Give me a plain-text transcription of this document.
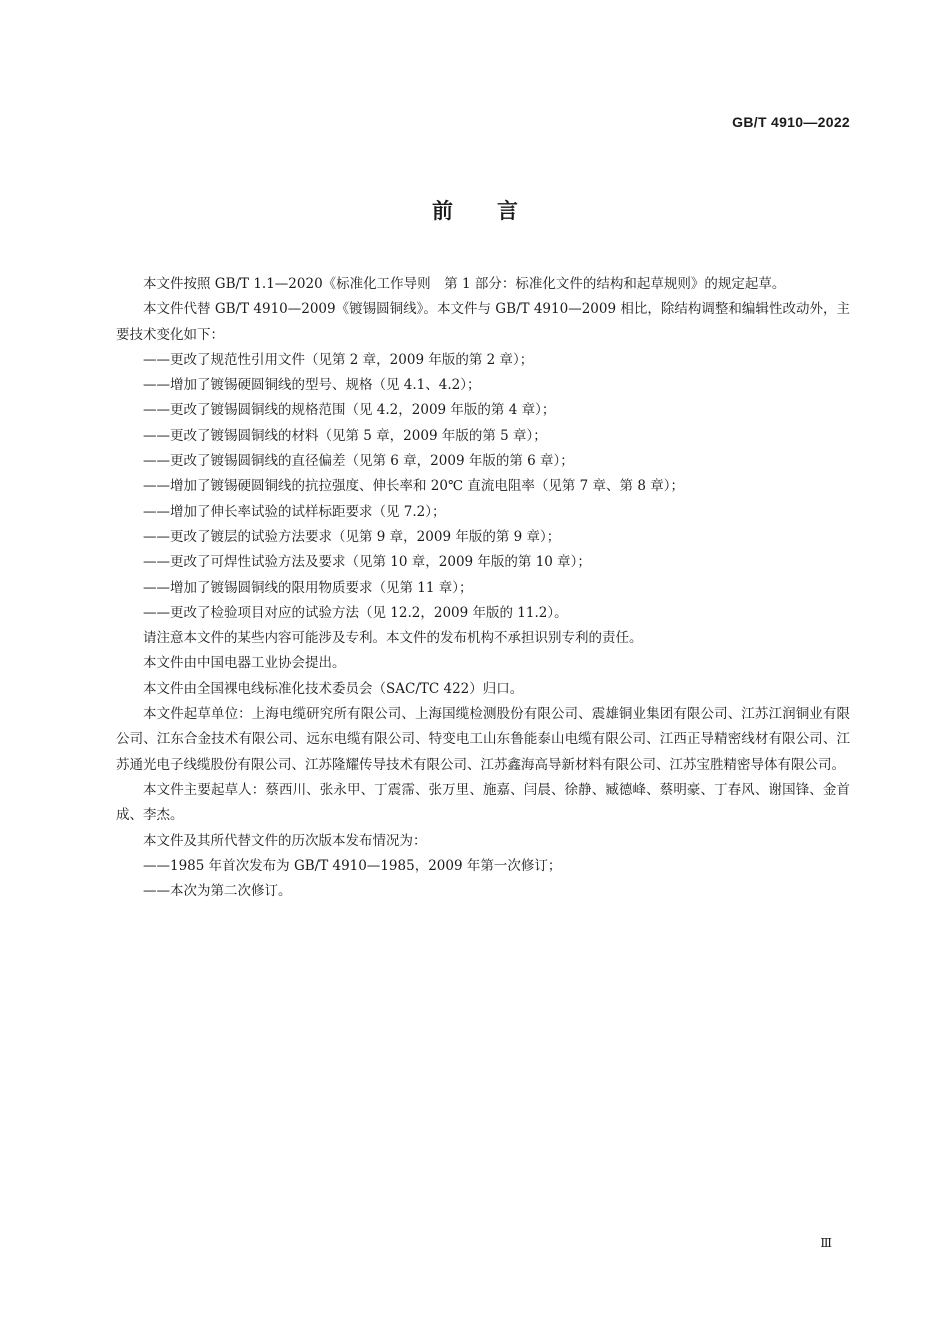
GB/T 4910—2022
前言

本文件按照 GB/T 1.1—2020《标准化工作导则　第 1 部分：标准化文件的结构和起草规则》的规定起草。

本文件代替 GB/T 4910—2009《镀锡圆铜线》。本文件与 GB/T 4910—2009 相比，除结构调整和编辑性改动外，主要技术变化如下：

——更改了规范性引用文件（见第 2 章，2009 年版的第 2 章）；

——增加了镀锡硬圆铜线的型号、规格（见 4.1、4.2）；

——更改了镀锡圆铜线的规格范围（见 4.2，2009 年版的第 4 章）；

——更改了镀锡圆铜线的材料（见第 5 章，2009 年版的第 5 章）；

——更改了镀锡圆铜线的直径偏差（见第 6 章，2009 年版的第 6 章）；

——增加了镀锡硬圆铜线的抗拉强度、伸长率和 20℃ 直流电阻率（见第 7 章、第 8 章）；

——增加了伸长率试验的试样标距要求（见 7.2）；

——更改了镀层的试验方法要求（见第 9 章，2009 年版的第 9 章）；

——更改了可焊性试验方法及要求（见第 10 章，2009 年版的第 10 章）；

——增加了镀锡圆铜线的限用物质要求（见第 11 章）；

——更改了检验项目对应的试验方法（见 12.2，2009 年版的 11.2）。

请注意本文件的某些内容可能涉及专利。本文件的发布机构不承担识别专利的责任。

本文件由中国电器工业协会提出。

本文件由全国裸电线标准化技术委员会（SAC/TC 422）归口。

本文件起草单位：上海电缆研究所有限公司、上海国缆检测股份有限公司、震雄铜业集团有限公司、江苏江润铜业有限公司、江东合金技术有限公司、远东电缆有限公司、特变电工山东鲁能泰山电缆有限公司、江西正导精密线材有限公司、江苏通光电子线缆股份有限公司、江苏隆耀传导技术有限公司、江苏鑫海高导新材料有限公司、江苏宝胜精密导体有限公司。

本文件主要起草人：蔡西川、张永甲、丁震霈、张万里、施嘉、闫晨、徐静、臧德峰、蔡明豪、丁春风、谢国锋、金首成、李杰。

本文件及其所代替文件的历次版本发布情况为：

——1985 年首次发布为 GB/T 4910—1985，2009 年第一次修订；

——本次为第二次修订。

Ⅲ
